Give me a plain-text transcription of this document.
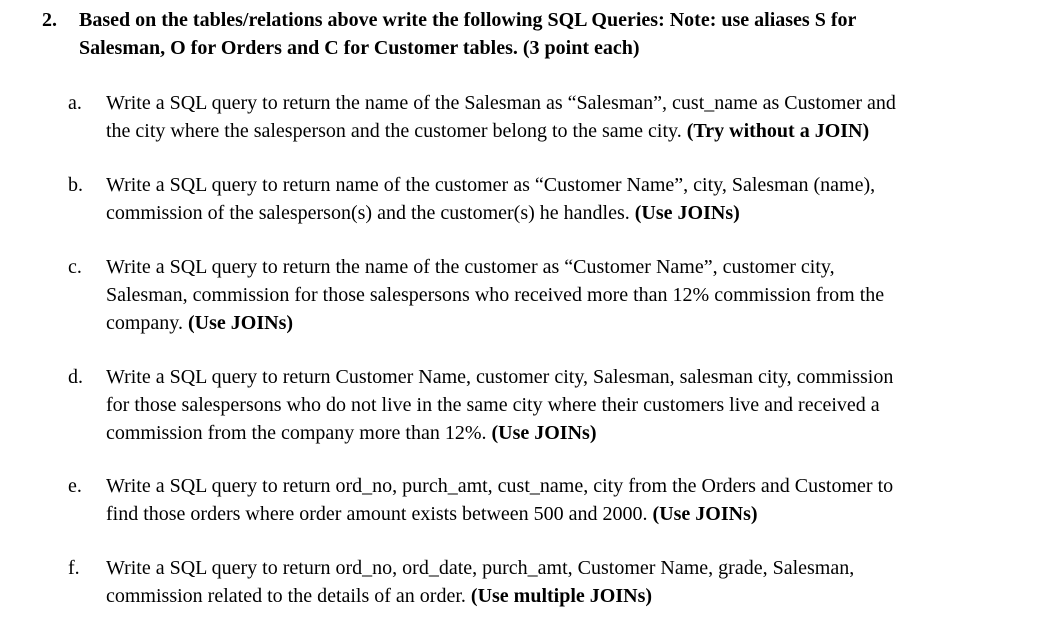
2.	Based on the tables/relations above write the following SQL Queries: Note: use aliases S for
Salesman, O for Orders and C for Customer tables. (3 point each)
a.	Write a SQL query to return the name of the Salesman as “Salesman”, cust_name as Customer and
the city where the salesperson and the customer belong to the same city. (Try without a JOIN)
b.	Write a SQL query to return name of the customer as “Customer Name”, city, Salesman (name),
commission of the salesperson(s) and the customer(s) he handles. (Use JOINs)
c.	Write a SQL query to return the name of the customer as “Customer Name”, customer city,
Salesman, commission for those salespersons who received more than 12% commission from the
company. (Use JOINs)
d.	Write a SQL query to return Customer Name, customer city, Salesman, salesman city, commission
for those salespersons who do not live in the same city where their customers live and received a
commission from the company more than 12%. (Use JOINs)
e.	Write a SQL query to return ord_no, purch_amt, cust_name, city from the Orders and Customer to
find those orders where order amount exists between 500 and 2000. (Use JOINs)
f.	Write a SQL query to return ord_no, ord_date, purch_amt, Customer Name, grade, Salesman,
commission related to the details of an order. (Use multiple JOINs)
